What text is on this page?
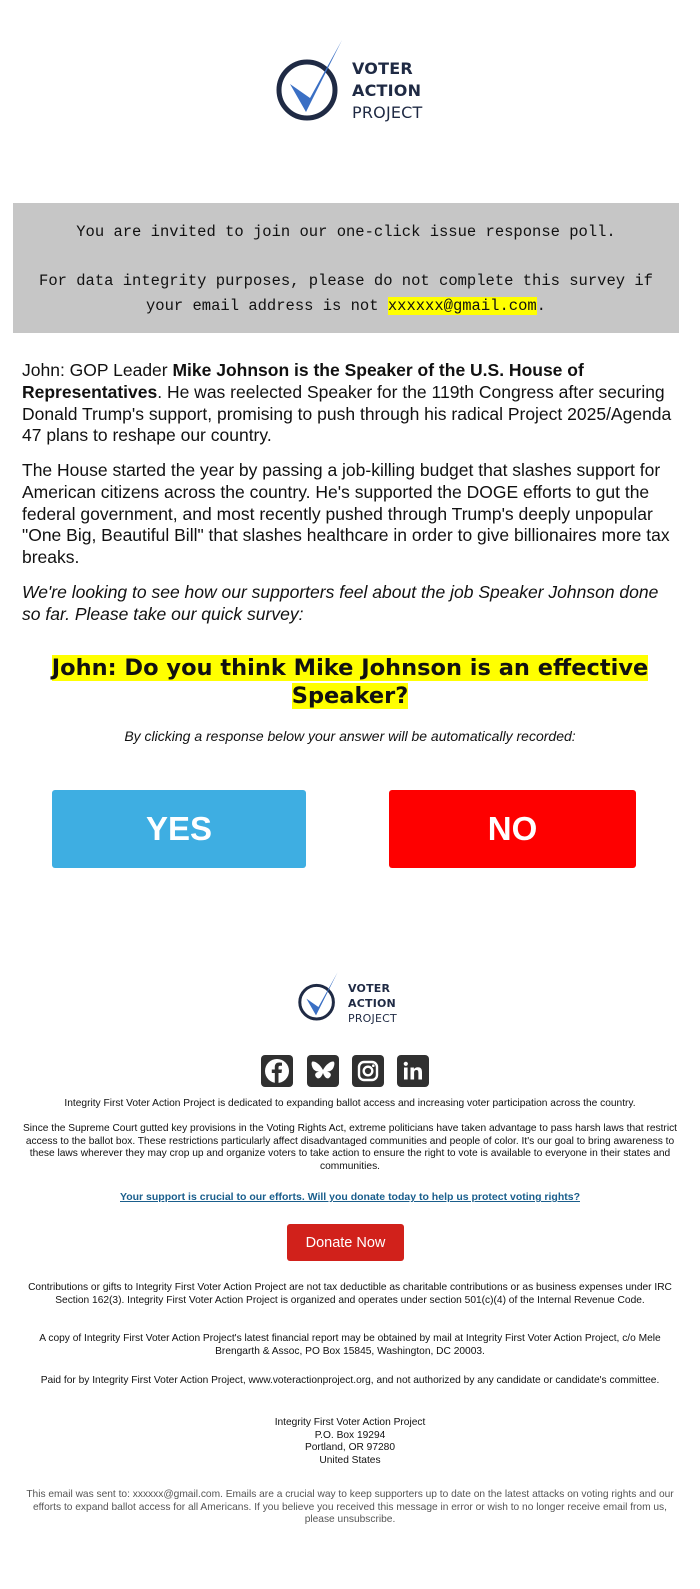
VOTER
ACTION
PROJECT
You are invited to join our one-click issue response poll.
For data integrity purposes, please do not complete this survey if your email address is not xxxxxx@gmail.com.
John: GOP Leader Mike Johnson is the Speaker of the U.S. House of Representatives. He was reelected Speaker for the 119th Congress after securing Donald Trump's support, promising to push through his radical Project 2025/Agenda 47 plans to reshape our country.
The House started the year by passing a job-killing budget that slashes support for American citizens across the country. He's supported the DOGE efforts to gut the federal government, and most recently pushed through Trump's deeply unpopular "One Big, Beautiful Bill" that slashes healthcare in order to give billionaires more tax breaks.
We're looking to see how our supporters feel about the job Speaker Johnson done so far. Please take our quick survey:
John: Do you think Mike Johnson is an effective
Speaker?
By clicking a response below your answer will be automatically recorded:
YES	NO
VOTER
ACTION
PROJECT
Integrity First Voter Action Project is dedicated to expanding ballot access and increasing voter participation across the country.
Since the Supreme Court gutted key provisions in the Voting Rights Act, extreme politicians have taken advantage to pass harsh laws that restrict access to the ballot box. These restrictions particularly affect disadvantaged communities and people of color. It's our goal to bring awareness to these laws wherever they may crop up and organize voters to take action to ensure the right to vote is available to everyone in their states and communities.
Your support is crucial to our efforts. Will you donate today to help us protect voting rights?
Donate Now
Contributions or gifts to Integrity First Voter Action Project are not tax deductible as charitable contributions or as business expenses under IRC Section 162(3). Integrity First Voter Action Project is organized and operates under section 501(c)(4) of the Internal Revenue Code.
A copy of Integrity First Voter Action Project's latest financial report may be obtained by mail at Integrity First Voter Action Project, c/o Mele Brengarth & Assoc, PO Box 15845, Washington, DC 20003.
Paid for by Integrity First Voter Action Project, www.voteractionproject.org, and not authorized by any candidate or candidate's committee.
Integrity First Voter Action Project
P.O. Box 19294
Portland, OR 97280
United States
This email was sent to: xxxxxx@gmail.com. Emails are a crucial way to keep supporters up to date on the latest attacks on voting rights and our efforts to expand ballot access for all Americans. If you believe you received this message in error or wish to no longer receive email from us, please unsubscribe.
